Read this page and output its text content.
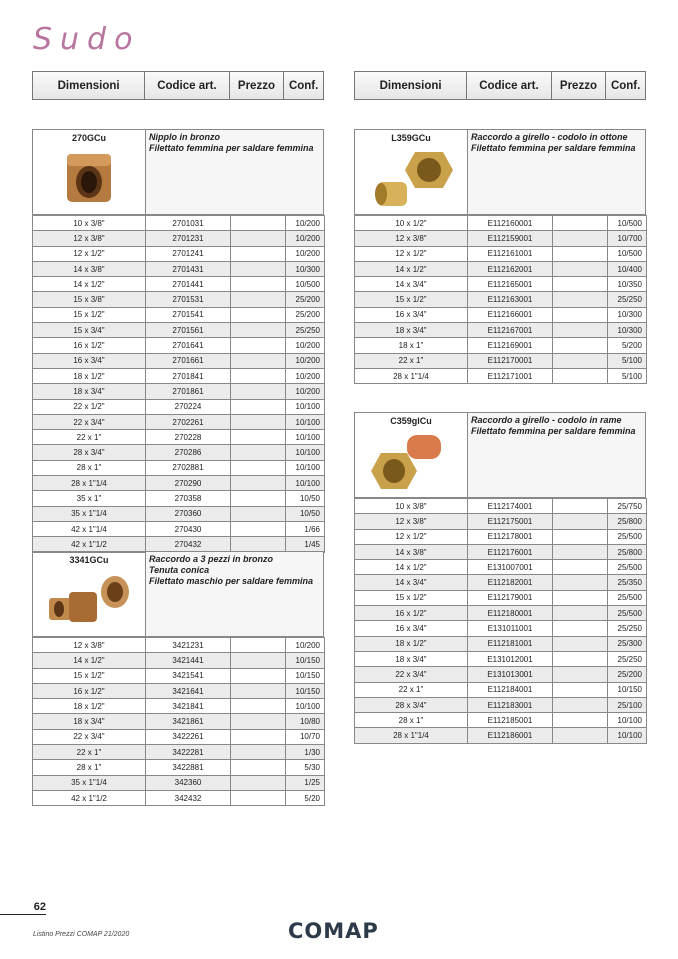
Sudo
Dimensioni	Codice art.	Prezzo	Conf.	Dimensioni	Codice art.	Prezzo	Conf.
270GCu	Nipplo in bronzo
Filettato femmina per saldare femmina
10 x 3/8"	2701031		10/200
12 x 3/8"	2701231		10/200
12 x 1/2"	2701241		10/200
14 x 3/8"	2701431		10/300
14 x 1/2"	2701441		10/500
15 x 3/8"	2701531		25/200
15 x 1/2"	2701541		25/200
15 x 3/4"	2701561		25/250
16 x 1/2"	2701641		10/200
16 x 3/4"	2701661		10/200
18 x 1/2"	2701841		10/200
18 x 3/4"	2701861		10/200
22 x 1/2"	270224		10/100
22 x 3/4"	2702261		10/100
22 x 1"	270228		10/100
28 x 3/4"	270286		10/100
28 x 1"	2702881		10/100
28 x 1"1/4	270290		10/100
35 x 1"	270358		10/50
35 x 1"1/4	270360		10/50
42 x 1"1/4	270430		1/66
42 x 1"1/2	270432		1/45
3341GCu	Raccordo a 3 pezzi in bronzo
Tenuta conica
Filettato maschio per saldare femmina
12 x 3/8"	3421231		10/200
14 x 1/2"	3421441		10/150
15 x 1/2"	3421541		10/150
16 x 1/2"	3421641		10/150
18 x 1/2"	3421841		10/100
18 x 3/4"	3421861		10/80
22 x 3/4"	3422261		10/70
22 x 1"	3422281		1/30
28 x 1"	3422881		5/30
35 x 1"1/4	342360		1/25
42 x 1"1/2	342432		5/20
L359GCu	Raccordo a girello - codolo in ottone
Filettato femmina per saldare femmina
10 x 1/2"	E112160001		10/500
12 x 3/8"	E112159001		10/700
12 x 1/2"	E112161001		10/500
14 x 1/2"	E112162001		10/400
14 x 3/4"	E112165001		10/350
15 x 1/2"	E112163001		25/250
16 x 3/4"	E112166001		10/300
18 x 3/4"	E112167001		10/300
18 x 1"	E112169001		5/200
22 x 1"	E112170001		5/100
28 x 1"1/4	E112171001		5/100
C359glCu	Raccordo a girello - codolo in rame
Filettato femmina per saldare femmina
10 x 3/8"	E112174001		25/750
12 x 3/8"	E112175001		25/800
12 x 1/2"	E112178001		25/500
14 x 3/8"	E112176001		25/800
14 x 1/2"	E131007001		25/500
14 x 3/4"	E112182001		25/350
15 x 1/2"	E112179001		25/500
16 x 1/2"	E112180001		25/500
16 x 3/4"	E131011001		25/250
18 x 1/2"	E112181001		25/300
18 x 3/4"	E131012001		25/250
22 x 3/4"	E131013001		25/200
22 x 1"	E112184001		10/150
28 x 3/4"	E112183001		25/100
28 x 1"	E112185001		10/100
28 x 1"1/4	E112186001		10/100
62
Listino Prezzi COMAP 21/2020	COMAP
